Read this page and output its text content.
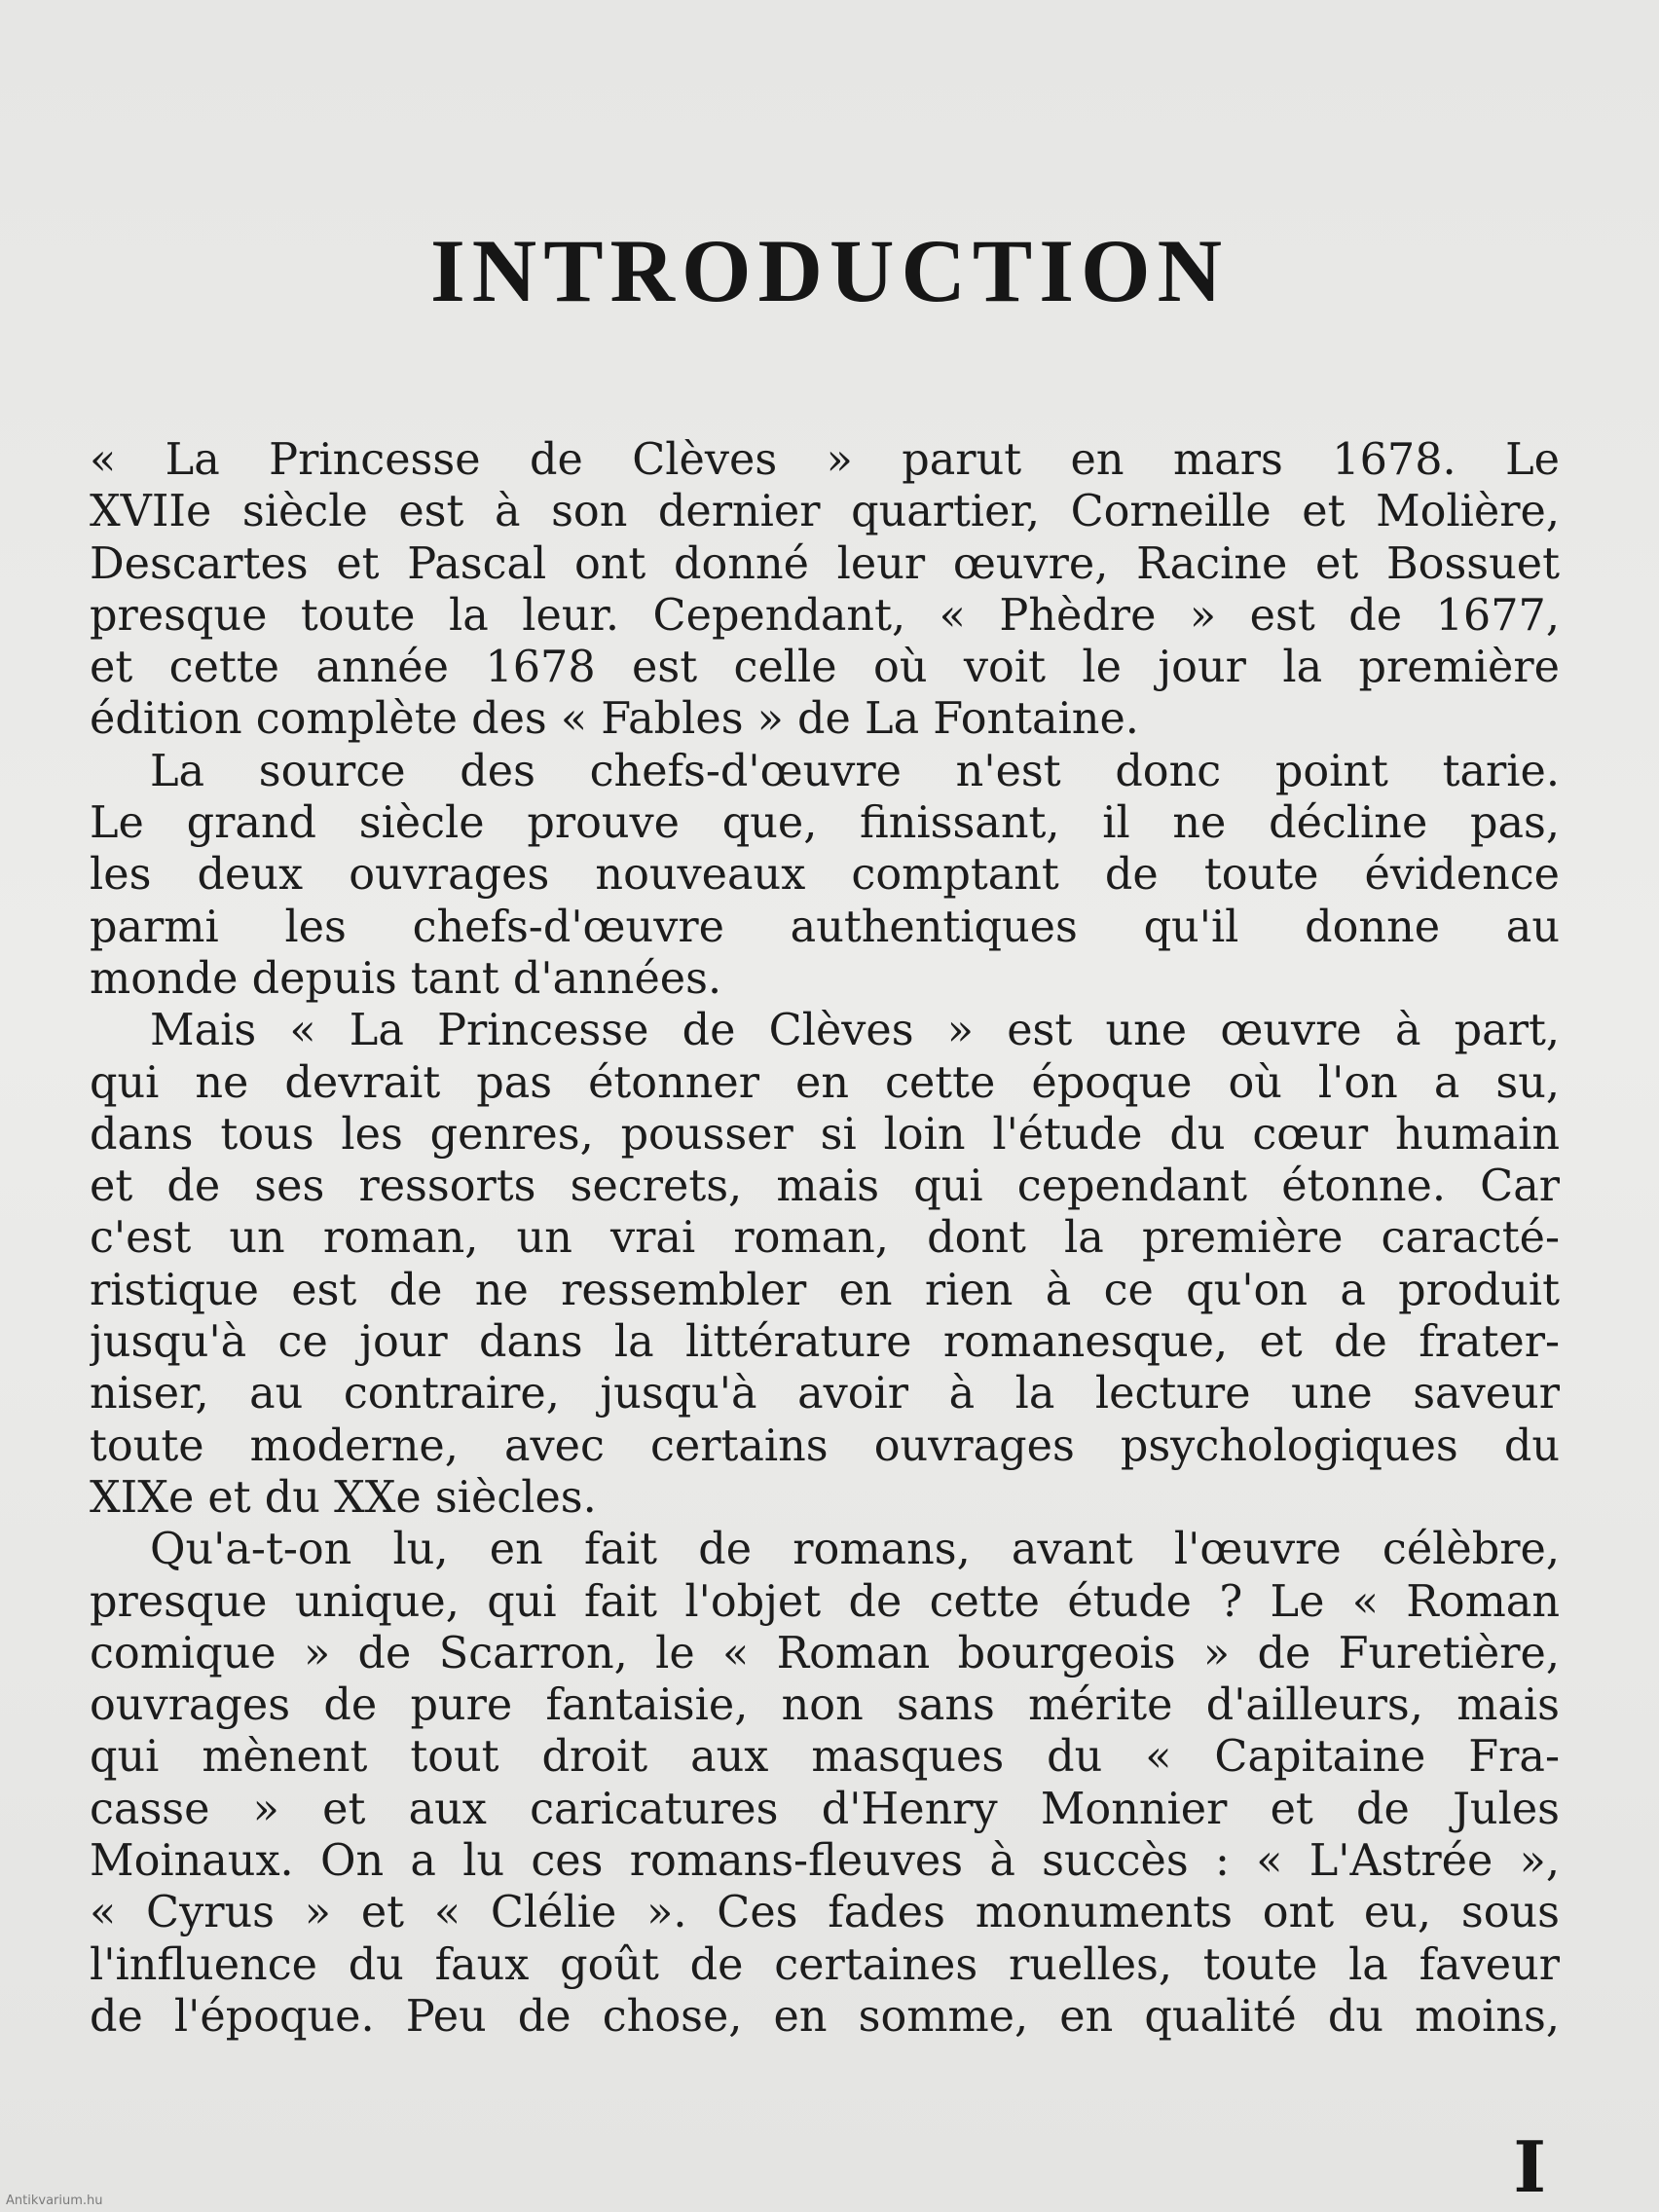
INTRODUCTION
« La Princesse de Clèves » parut en mars 1678. Le
XVIIe siècle est à son dernier quartier, Corneille et Molière,
Descartes et Pascal ont donné leur œuvre, Racine et Bossuet
presque toute la leur. Cependant, « Phèdre » est de 1677,
et cette année 1678 est celle où voit le jour la première
édition complète des « Fables » de La Fontaine.
La source des chefs-d'œuvre n'est donc point tarie.
Le grand siècle prouve que, finissant, il ne décline pas,
les deux ouvrages nouveaux comptant de toute évidence
parmi les chefs-d'œuvre authentiques qu'il donne au
monde depuis tant d'années.
Mais « La Princesse de Clèves » est une œuvre à part,
qui ne devrait pas étonner en cette époque où l'on a su,
dans tous les genres, pousser si loin l'étude du cœur humain
et de ses ressorts secrets, mais qui cependant étonne. Car
c'est un roman, un vrai roman, dont la première caracté-
ristique est de ne ressembler en rien à ce qu'on a produit
jusqu'à ce jour dans la littérature romanesque, et de frater-
niser, au contraire, jusqu'à avoir à la lecture une saveur
toute moderne, avec certains ouvrages psychologiques du
XIXe et du XXe siècles.
Qu'a-t-on lu, en fait de romans, avant l'œuvre célèbre,
presque unique, qui fait l'objet de cette étude ? Le « Roman
comique » de Scarron, le « Roman bourgeois » de Furetière,
ouvrages de pure fantaisie, non sans mérite d'ailleurs, mais
qui mènent tout droit aux masques du « Capitaine Fra-
casse » et aux caricatures d'Henry Monnier et de Jules
Moinaux. On a lu ces romans-fleuves à succès : « L'Astrée »,
« Cyrus » et « Clélie ». Ces fades monuments ont eu, sous
l'influence du faux goût de certaines ruelles, toute la faveur
de l'époque. Peu de chose, en somme, en qualité du moins,
I
Antikvarium.hu
